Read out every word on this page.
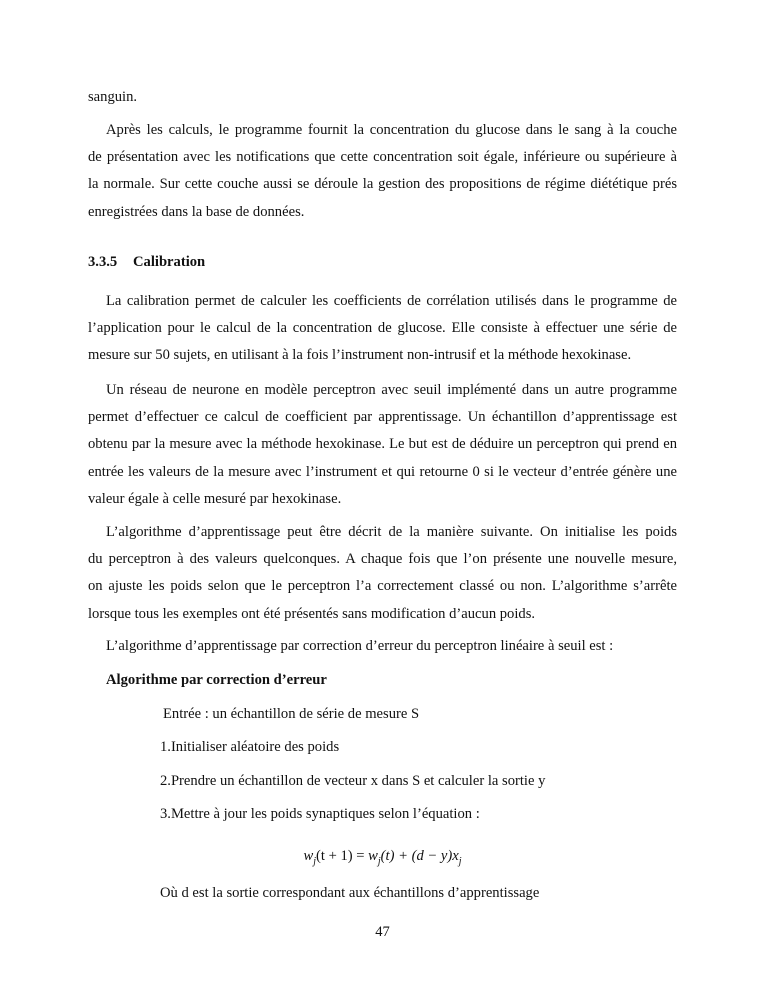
sanguin.
Après les calculs, le programme fournit la concentration du glucose dans le sang à la couche
de présentation avec les notifications que cette concentration soit égale, inférieure ou supérieure à
la normale. Sur cette couche aussi se déroule la gestion des propositions de régime diététique prés
enregistrées dans la base de données.
3.3.5 Calibration
La calibration permet de calculer les coefficients de corrélation utilisés dans le programme de
l’application pour le calcul de la concentration de glucose. Elle consiste à effectuer une série de
mesure sur 50 sujets, en utilisant à la fois l’instrument non-intrusif et la méthode hexokinase.
Un réseau de neurone en modèle perceptron avec seuil implémenté dans un autre programme
permet d’effectuer ce calcul de coefficient par apprentissage. Un échantillon d’apprentissage est
obtenu par la mesure avec la méthode hexokinase. Le but est de déduire un perceptron qui prend en
entrée les valeurs de la mesure avec l’instrument et qui retourne 0 si le vecteur d’entrée génère une
valeur égale à celle mesuré par hexokinase.
L’algorithme d’apprentissage peut être décrit de la manière suivante. On initialise les poids
du perceptron à des valeurs quelconques. A chaque fois que l’on présente une nouvelle mesure,
on ajuste les poids selon que le perceptron l’a correctement classé ou non. L’algorithme s’arrête
lorsque tous les exemples ont été présentés sans modification d’aucun poids.
L’algorithme d’apprentissage par correction d’erreur du perceptron linéaire à seuil est :
Algorithme par correction d’erreur
Entrée : un échantillon de série de mesure S
1.Initialiser aléatoire des poids
2.Prendre un échantillon de vecteur x dans S et calculer la sortie y
3.Mettre à jour les poids synaptiques selon l’équation :
$w_j(t + 1) = w_j(t) + (d - y)x_j$
Où d est la sortie correspondant aux échantillons d’apprentissage
47
